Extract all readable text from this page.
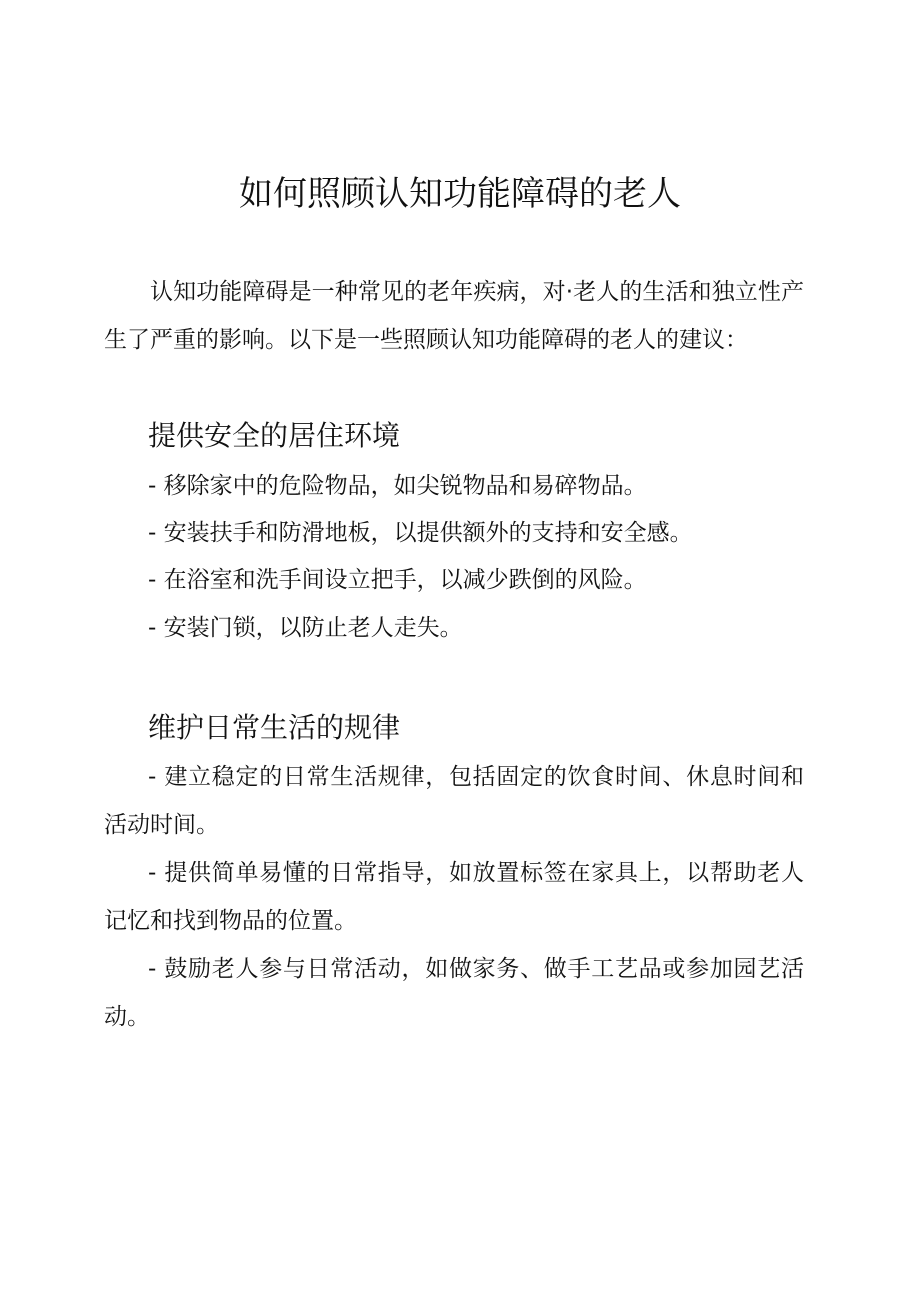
如何照顾认知功能障碍的老人

认知功能障碍是一种常见的老年疾病，对·老人的生活和独立性产生了严重的影响。以下是一些照顾认知功能障碍的老人的建议：

提供安全的居住环境

- 移除家中的危险物品，如尖锐物品和易碎物品。

- 安装扶手和防滑地板，以提供额外的支持和安全感。

- 在浴室和洗手间设立把手，以减少跌倒的风险。

- 安装门锁，以防止老人走失。

维护日常生活的规律

- 建立稳定的日常生活规律，包括固定的饮食时间、休息时间和活动时间。

- 提供简单易懂的日常指导，如放置标签在家具上，以帮助老人记忆和找到物品的位置。

- 鼓励老人参与日常活动，如做家务、做手工艺品或参加园艺活动。
